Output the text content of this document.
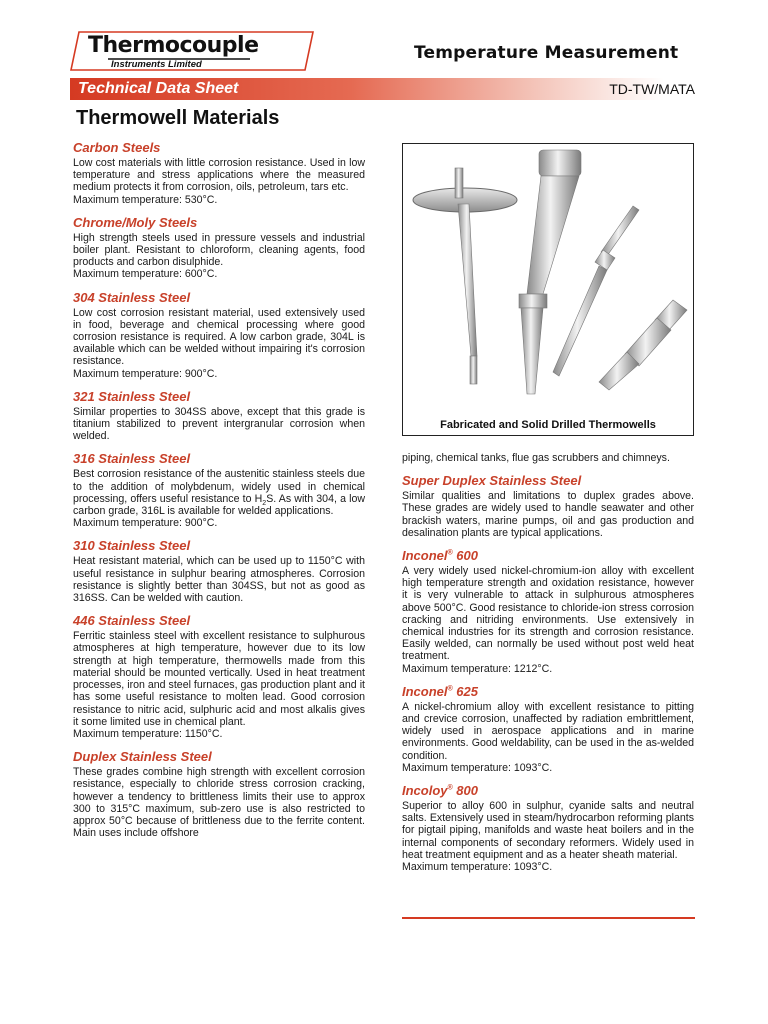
Thermocouple
Instruments Limited
Temperature Measurement
Technical Data Sheet	TD-TW/MATA
Thermowell Materials
Carbon Steels
Low cost materials with little corrosion resistance. Used in low temperature and stress applications where the measured medium protects it from corrosion, oils, petroleum, tars etc.
Maximum temperature: 530°C.
Chrome/Moly Steels
High strength steels used in pressure vessels and industrial boiler plant. Resistant to chloroform, cleaning agents, food products and carbon disulphide.
Maximum temperature: 600°C.
304 Stainless Steel
Low cost corrosion resistant material, used extensively used in food, beverage and chemical processing where good corrosion resistance is required. A low carbon grade, 304L is available which can be welded without impairing it's corrosion resistance.
Maximum temperature: 900°C.
321 Stainless Steel
Similar properties to 304SS above, except that this grade is titanium stabilized to prevent intergranular corrosion when welded.
316 Stainless Steel
Best corrosion resistance of the austenitic stainless steels due to the addition of molybdenum, widely used in chemical processing, offers useful resistance to $H_2S$. As with 304, a low carbon grade, 316L is available for welded applications.
Maximum temperature: 900°C.
310 Stainless Steel
Heat resistant material, which can be used up to 1150°C with useful resistance in sulphur bearing atmospheres. Corrosion resistance is slightly better than 304SS, but not as good as 316SS. Can be welded with caution.
446 Stainless Steel
Ferritic stainless steel with excellent resistance to sulphurous atmospheres at high temperature, however due to its low strength at high temperature, thermowells made from this material should be mounted vertically. Used in heat treatment processes, iron and steel furnaces, gas production plant and it has some useful resistance to molten lead. Good corrosion resistance to nitric acid, sulphuric acid and most alkalis gives it some limited use in chemical plant.
Maximum temperature: 1150°C.
Duplex Stainless Steel
These grades combine high strength with excellent corrosion resistance, especially to chloride stress corrosion cracking, however a tendency to brittleness limits their use to approx 300 to 315°C maximum, sub-zero use is also restricted to approx 50°C because of brittleness due to the ferrite content. Main uses include offshore
Fabricated and Solid Drilled Thermowells
piping, chemical tanks, flue gas scrubbers and chimneys.
Super Duplex Stainless Steel
Similar qualities and limitations to duplex grades above. These grades are widely used to handle seawater and other brackish waters, marine pumps, oil and gas production and desalination plants are typical applications.
Inconel® 600
A very widely used nickel-chromium-ion alloy with excellent high temperature strength and oxidation resistance, however it is very vulnerable to attack in sulphurous atmospheres above 500°C. Good resistance to chloride-ion stress corrosion cracking and nitriding environments. Use extensively in chemical industries for its strength and corrosion resistance. Easily welded, can normally be used without post weld heat treatment.
Maximum temperature: 1212°C.
Inconel® 625
A nickel-chromium alloy with excellent resistance to pitting and crevice corrosion, unaffected by radiation embrittlement, widely used in aerospace applications and in marine environments. Good weldability, can be used in the as-welded condition.
Maximum temperature: 1093°C.
Incoloy® 800
Superior to alloy 600 in sulphur, cyanide salts and neutral salts. Extensively used in steam/hydrocarbon reforming plants for pigtail piping, manifolds and waste heat boilers and in the internal components of secondary reformers. Widely used in heat treatment equipment and as a heater sheath material.
Maximum temperature: 1093°C.
